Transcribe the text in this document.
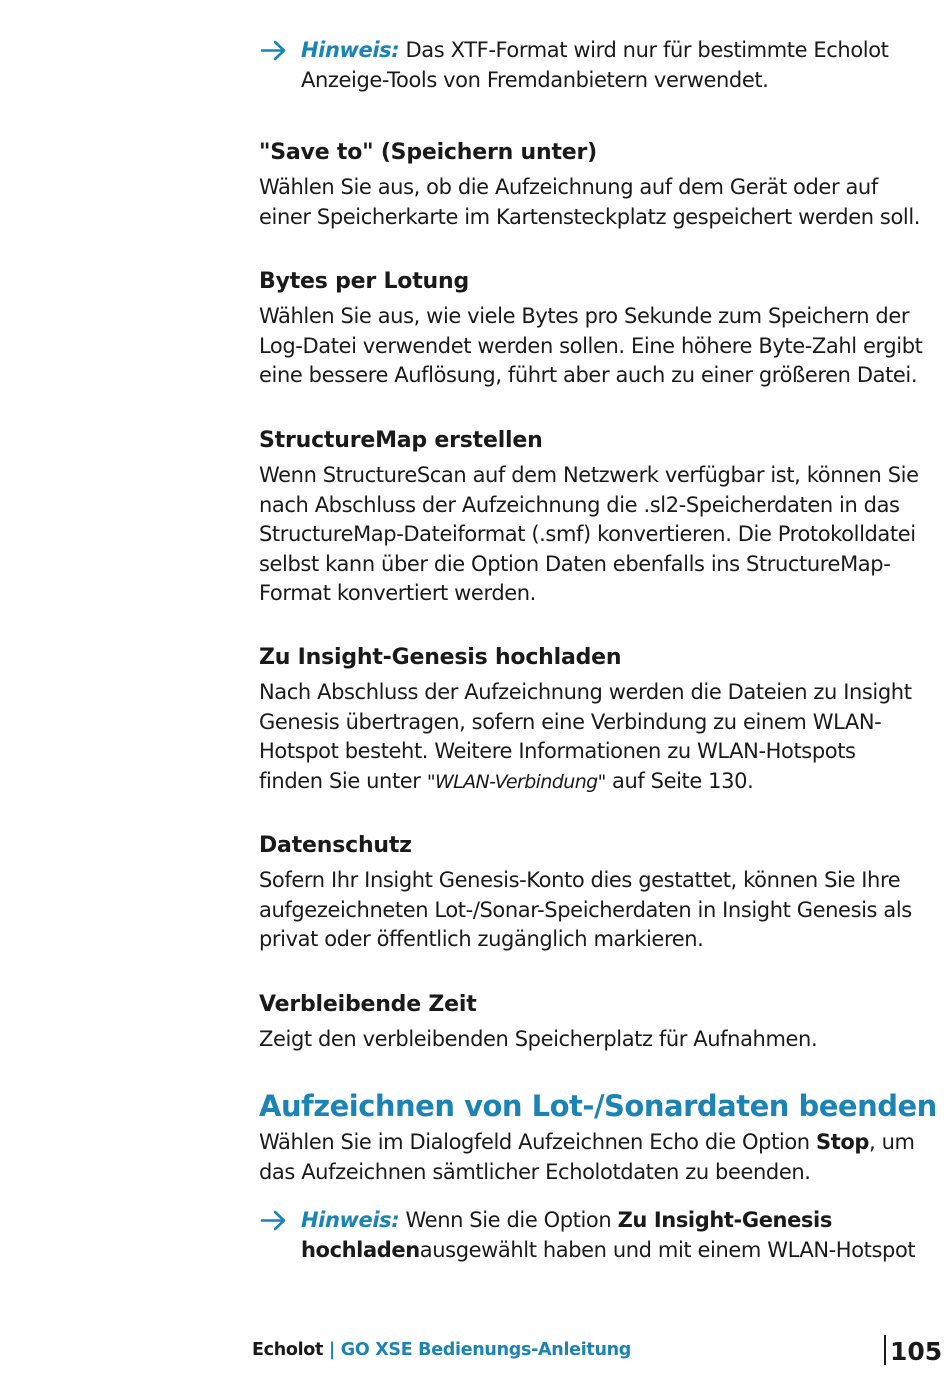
Hinweis: Das XTF-Format wird nur für bestimmte Echolot Anzeige-Tools von Fremdanbietern verwendet.

"Save to" (Speichern unter)

Wählen Sie aus, ob die Aufzeichnung auf dem Gerät oder auf einer Speicherkarte im Kartensteckplatz gespeichert werden soll.

Bytes per Lotung

Wählen Sie aus, wie viele Bytes pro Sekunde zum Speichern der Log-Datei verwendet werden sollen. Eine höhere Byte-Zahl ergibt eine bessere Auflösung, führt aber auch zu einer größeren Datei.

StructureMap erstellen

Wenn StructureScan auf dem Netzwerk verfügbar ist, können Sie nach Abschluss der Aufzeichnung die .sl2-Speicherdaten in das StructureMap-Dateiformat (.smf) konvertieren. Die Protokolldatei selbst kann über die Option Daten ebenfalls ins StructureMap-Format konvertiert werden.

Zu Insight-Genesis hochladen

Nach Abschluss der Aufzeichnung werden die Dateien zu Insight Genesis übertragen, sofern eine Verbindung zu einem WLAN-Hotspot besteht. Weitere Informationen zu WLAN-Hotspots finden Sie unter "WLAN-Verbindung" auf Seite 130.

Datenschutz

Sofern Ihr Insight Genesis-Konto dies gestattet, können Sie Ihre aufgezeichneten Lot-/Sonar-Speicherdaten in Insight Genesis als privat oder öffentlich zugänglich markieren.

Verbleibende Zeit

Zeigt den verbleibenden Speicherplatz für Aufnahmen.

Aufzeichnen von Lot-/Sonardaten beenden

Wählen Sie im Dialogfeld Aufzeichnen Echo die Option Stop, um das Aufzeichnen sämtlicher Echolotdaten zu beenden.

Hinweis: Wenn Sie die Option Zu Insight-Genesis hochladenausgewählt haben und mit einem WLAN-Hotspot

Echolot | GO XSE Bedienungs-Anleitung	105
